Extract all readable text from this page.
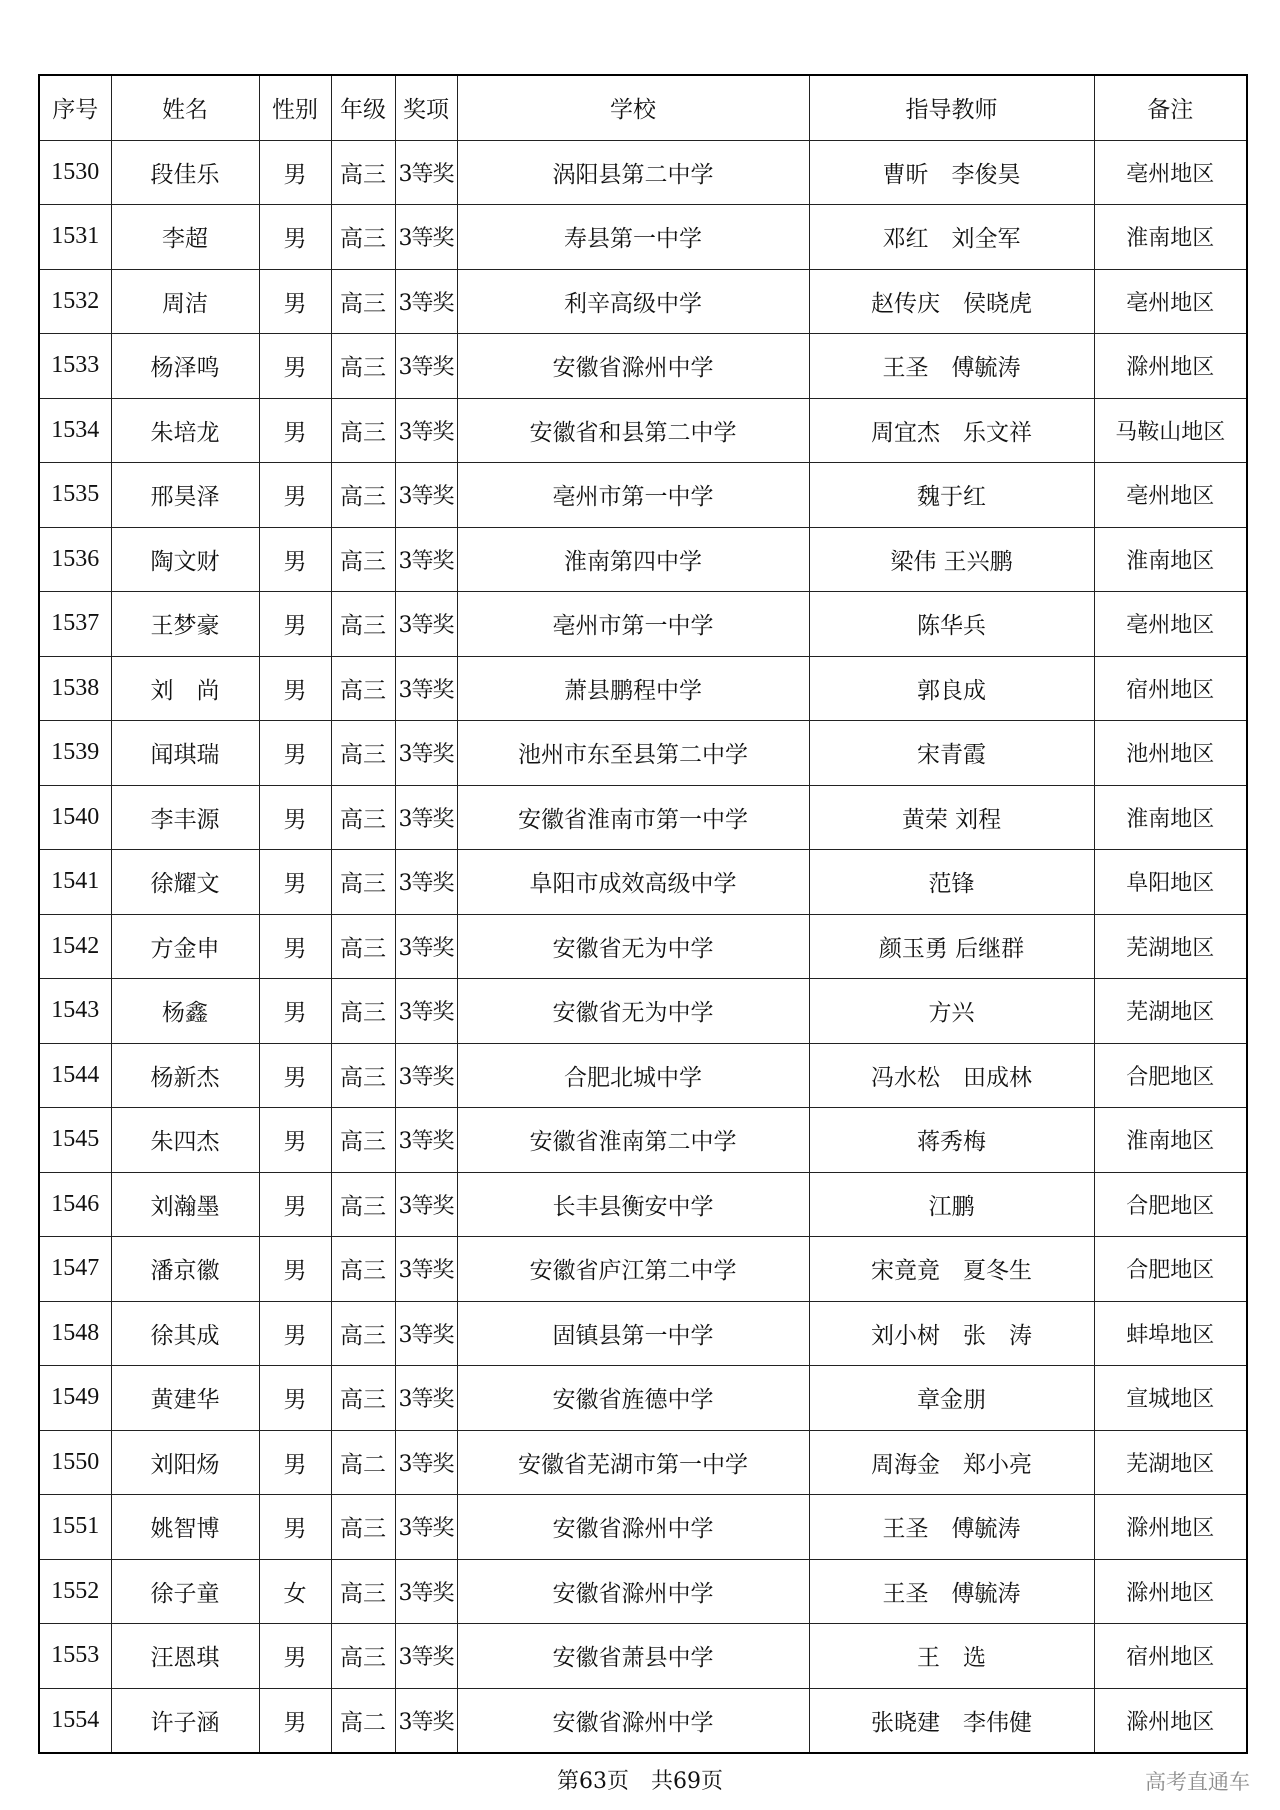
序号	姓名	性别	年级	奖项	学校	指导教师	备注
1530	段佳乐	男	高三	3等奖	涡阳县第二中学	曹昕　李俊昊	亳州地区
1531	李超	男	高三	3等奖	寿县第一中学	邓红　刘全军	淮南地区
1532	周洁	男	高三	3等奖	利辛高级中学	赵传庆　侯晓虎	亳州地区
1533	杨泽鸣	男	高三	3等奖	安徽省滁州中学	王圣　傅毓涛	滁州地区
1534	朱培龙	男	高三	3等奖	安徽省和县第二中学	周宜杰　乐文祥	马鞍山地区
1535	邢昊泽	男	高三	3等奖	亳州市第一中学	魏于红	亳州地区
1536	陶文财	男	高三	3等奖	淮南第四中学	梁伟 王兴鹏	淮南地区
1537	王梦豪	男	高三	3等奖	亳州市第一中学	陈华兵	亳州地区
1538	刘　尚	男	高三	3等奖	萧县鹏程中学	郭良成	宿州地区
1539	闻琪瑞	男	高三	3等奖	池州市东至县第二中学	宋青霞	池州地区
1540	李丰源	男	高三	3等奖	安徽省淮南市第一中学	黄荣 刘程	淮南地区
1541	徐耀文	男	高三	3等奖	阜阳市成效高级中学	范锋	阜阳地区
1542	方金申	男	高三	3等奖	安徽省无为中学	颜玉勇 后继群	芜湖地区
1543	杨鑫	男	高三	3等奖	安徽省无为中学	方兴	芜湖地区
1544	杨新杰	男	高三	3等奖	合肥北城中学	冯水松　田成林	合肥地区
1545	朱四杰	男	高三	3等奖	安徽省淮南第二中学	蒋秀梅	淮南地区
1546	刘瀚墨	男	高三	3等奖	长丰县衡安中学	江鹏	合肥地区
1547	潘京徽	男	高三	3等奖	安徽省庐江第二中学	宋竟竟　夏冬生	合肥地区
1548	徐其成	男	高三	3等奖	固镇县第一中学	刘小树　张　涛	蚌埠地区
1549	黄建华	男	高三	3等奖	安徽省旌德中学	章金朋	宣城地区
1550	刘阳炀	男	高二	3等奖	安徽省芜湖市第一中学	周海金　郑小亮	芜湖地区
1551	姚智博	男	高三	3等奖	安徽省滁州中学	王圣　傅毓涛	滁州地区
1552	徐子童	女	高三	3等奖	安徽省滁州中学	王圣　傅毓涛	滁州地区
1553	汪恩琪	男	高三	3等奖	安徽省萧县中学	王　选	宿州地区
1554	许子涵	男	高二	3等奖	安徽省滁州中学	张晓建　李伟健	滁州地区
第63页　共69页	高考直通车
